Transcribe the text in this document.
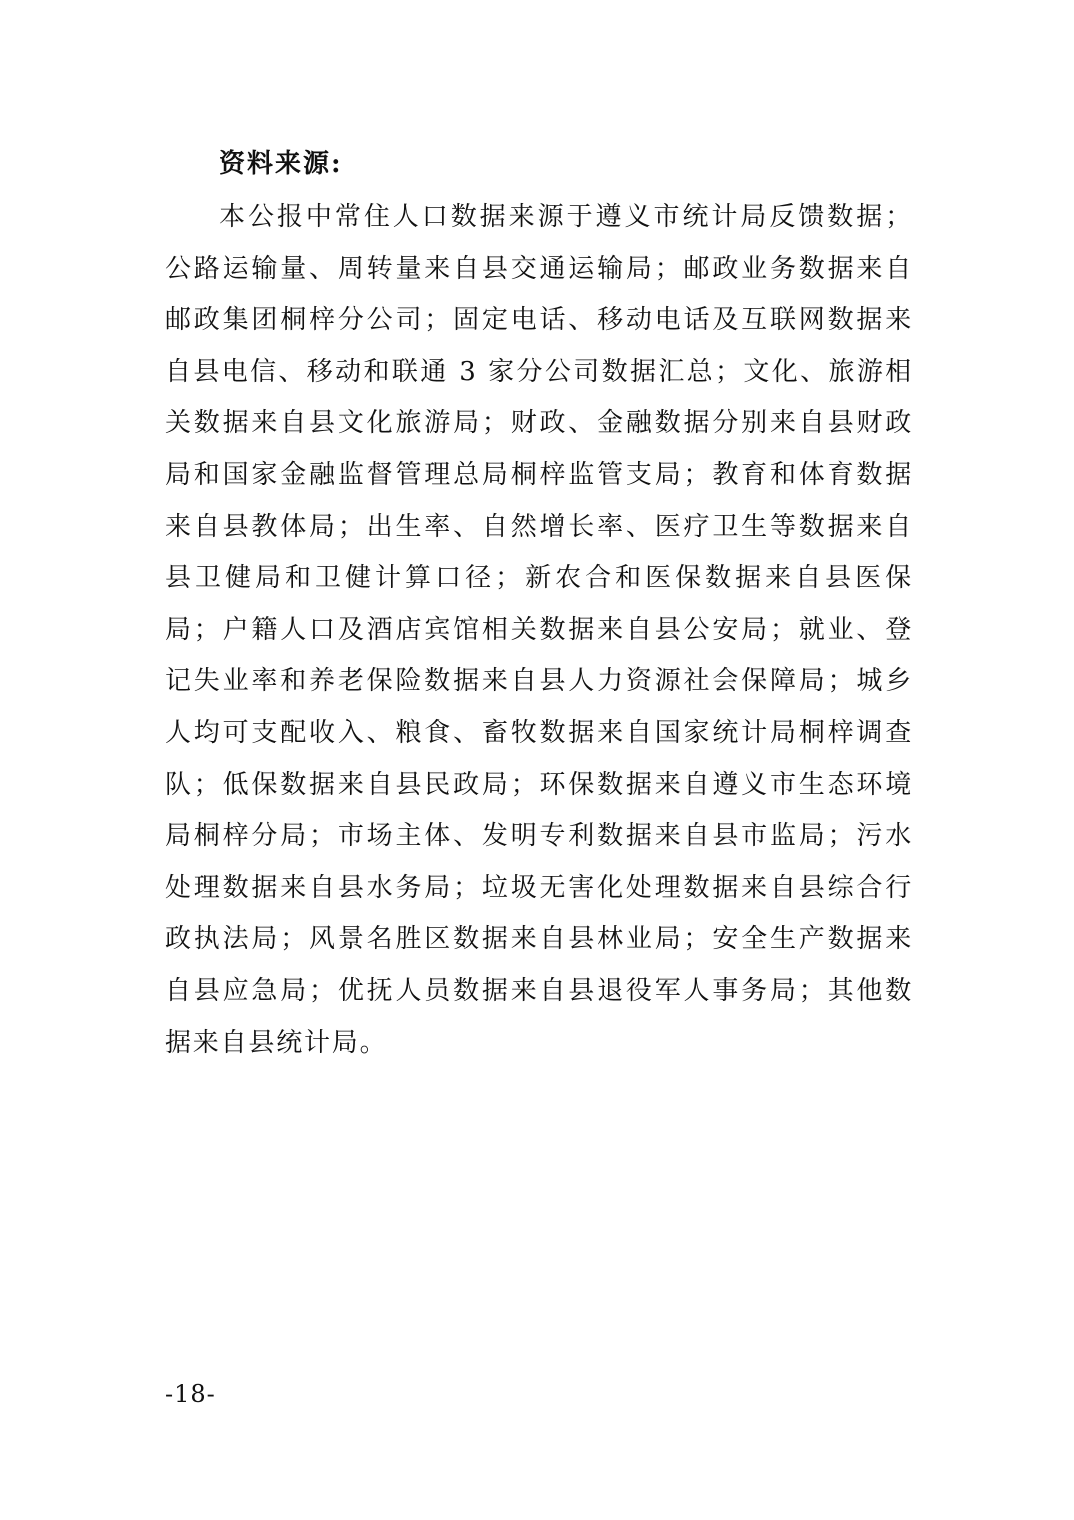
资料来源:

本公报中常住人口数据来源于遵义市统计局反馈数据；公路运输量、周转量来自县交通运输局；邮政业务数据来自邮政集团桐梓分公司；固定电话、移动电话及互联网数据来自县电信、移动和联通 3 家分公司数据汇总；文化、旅游相关数据来自县文化旅游局；财政、金融数据分别来自县财政局和国家金融监督管理总局桐梓监管支局；教育和体育数据来自县教体局；出生率、自然增长率、医疗卫生等数据来自县卫健局和卫健计算口径；新农合和医保数据来自县医保局；户籍人口及酒店宾馆相关数据来自县公安局；就业、登记失业率和养老保险数据来自县人力资源社会保障局；城乡人均可支配收入、粮食、畜牧数据来自国家统计局桐梓调查队；低保数据来自县民政局；环保数据来自遵义市生态环境局桐梓分局；市场主体、发明专利数据来自县市监局；污水处理数据来自县水务局；垃圾无害化处理数据来自县综合行政执法局；风景名胜区数据来自县林业局；安全生产数据来自县应急局；优抚人员数据来自县退役军人事务局；其他数据来自县统计局。

-18-
